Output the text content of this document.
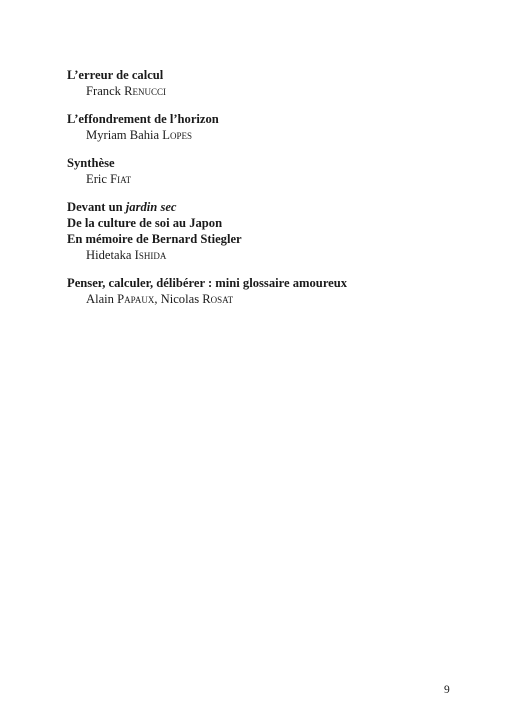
L’erreur de calcul
Franck Renucci
L’effondrement de l’horizon
Myriam Bahia Lopes
Synthèse
Eric Fiat
Devant un jardin sec
De la culture de soi au Japon
En mémoire de Bernard Stiegler
Hidetaka Ishida
Penser, calculer, délibérer : mini glossaire amoureux
Alain Papaux, Nicolas Rosat
9
